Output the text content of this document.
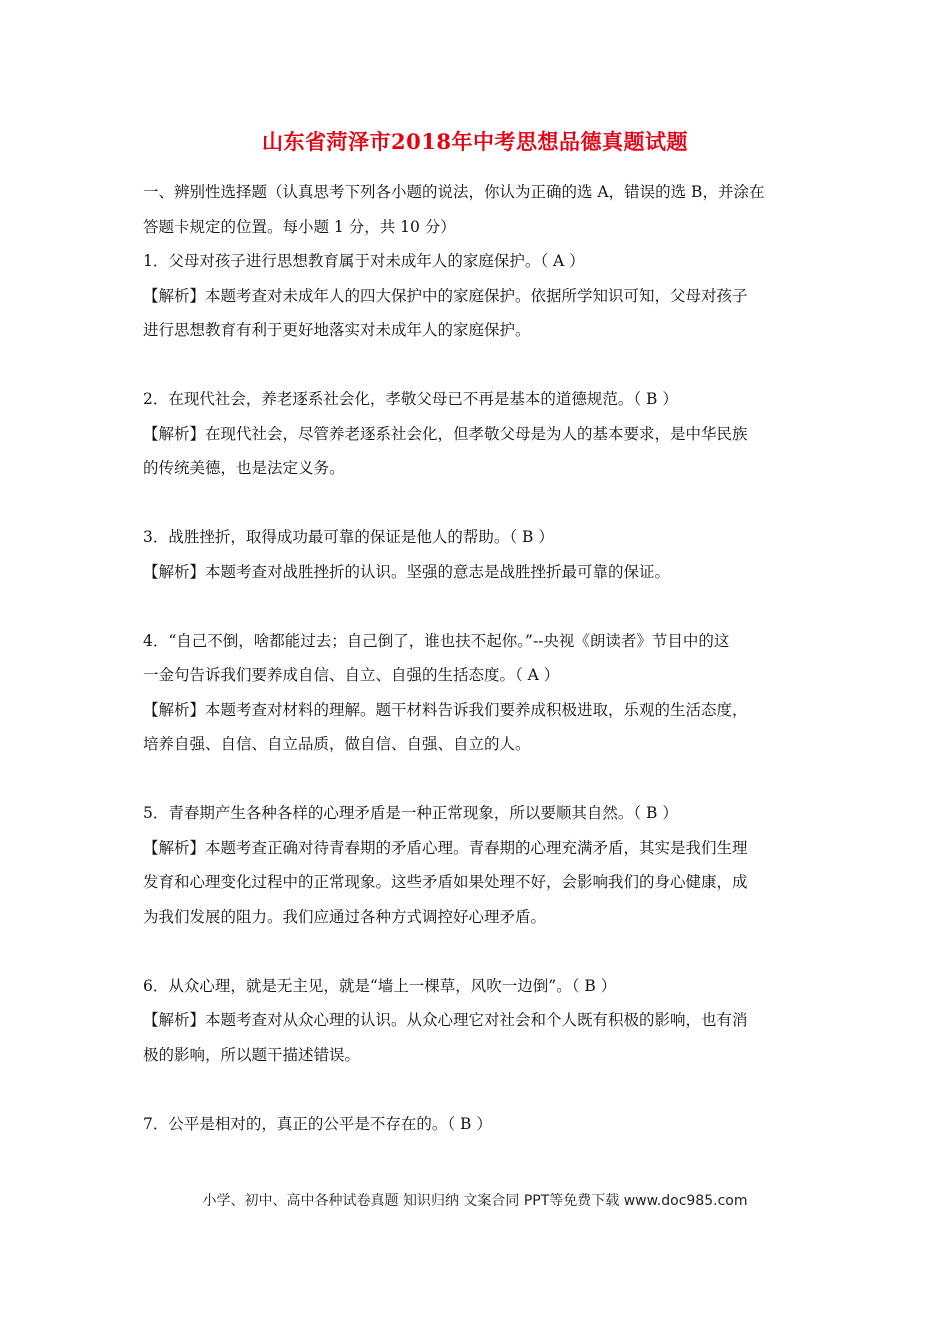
山东省菏泽市2018年中考思想品德真题试题

一、辨别性选择题（认真思考下列各小题的说法，你认为正确的选 A，错误的选 B，并涂在

答题卡规定的位置。每小题 1 分，共 10 分）

1．父母对孩子进行思想教育属于对未成年人的家庭保护。（ A ）

【解析】本题考查对未成年人的四大保护中的家庭保护。依据所学知识可知，父母对孩子

进行思想教育有利于更好地落实对未成年人的家庭保护。

2．在现代社会，养老逐系社会化，孝敬父母已不再是基本的道德规范。（ B ）

【解析】在现代社会，尽管养老逐系社会化，但孝敬父母是为人的基本要求，是中华民族

的传统美德，也是法定义务。

3．战胜挫折，取得成功最可靠的保证是他人的帮助。（ B ）

【解析】本题考查对战胜挫折的认识。坚强的意志是战胜挫折最可靠的保证。

4．“自己不倒，啥都能过去；自己倒了，谁也扶不起你。”--央视《朗读者》节目中的这

一金句告诉我们要养成自信、自立、自强的生括态度。（ A ）

【解析】本题考查对材料的理解。题干材料告诉我们要养成积极进取，乐观的生活态度，

培养自强、自信、自立品质，做自信、自强、自立的人。

5．青春期产生各种各样的心理矛盾是一种正常现象，所以要顺其自然。（ B ）

【解析】本题考查正确对待青春期的矛盾心理。青春期的心理充满矛盾，其实是我们生理

发育和心理变化过程中的正常现象。这些矛盾如果处理不好，会影响我们的身心健康，成

为我们发展的阻力。我们应通过各种方式调控好心理矛盾。

6．从众心理，就是无主见，就是“墙上一棵草，风吹一边倒”。（ B ）

【解析】本题考查对从众心理的认识。从众心理它对社会和个人既有积极的影响，也有消

极的影响，所以题干描述错误。

7．公平是相对的，真正的公平是不存在的。（ B ）

小学、初中、高中各种试卷真题 知识归纳 文案合同 PPT等免费下载 www.doc985.com
